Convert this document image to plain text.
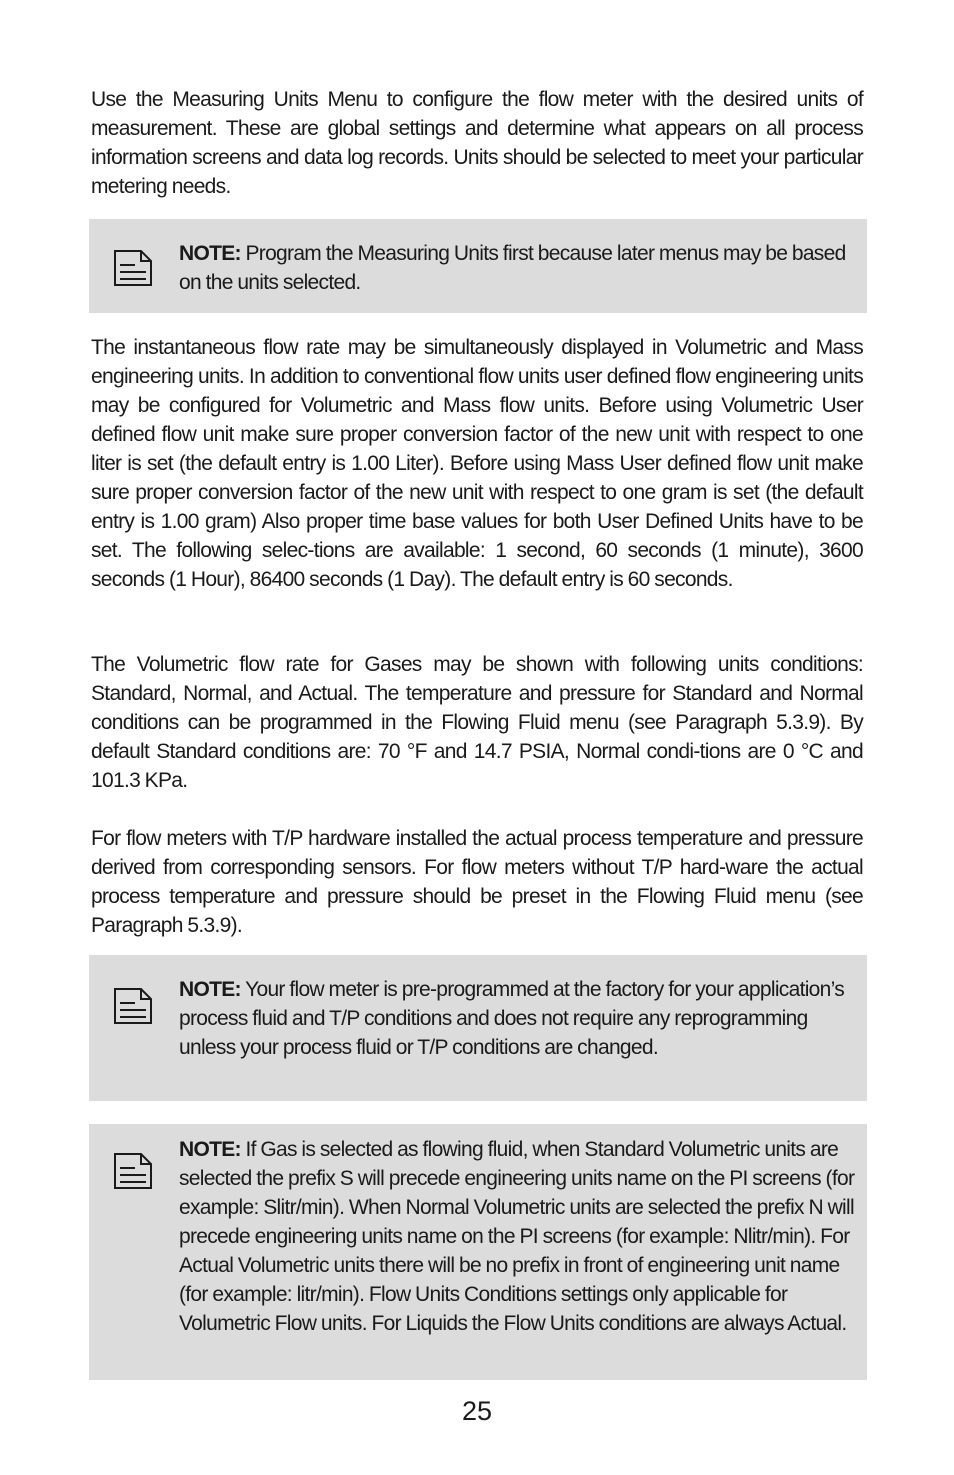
Use the Measuring Units Menu to configure the flow meter with the desired units of measurement. These are global settings and determine what appears on all process information screens and data log records. Units should be selected to meet your particular metering needs.

NOTE: Program the Measuring Units first because later menus may be based on the units selected.

The instantaneous flow rate may be simultaneously displayed in Volumetric and Mass engineering units. In addition to conventional flow units user defined flow engineering units may be configured for Volumetric and Mass flow units. Before using Volumetric User defined flow unit make sure proper conversion factor of the new unit with respect to one liter is set (the default entry is 1.00 Liter). Before using Mass User defined flow unit make sure proper conversion factor of the new unit with respect to one gram is set (the default entry is 1.00 gram) Also proper time base values for both User Defined Units have to be set. The following selec-tions are available: 1 second, 60 seconds (1 minute), 3600 seconds (1 Hour), 86400 seconds (1 Day). The default entry is 60 seconds.

The Volumetric flow rate for Gases may be shown with following units conditions: Standard, Normal, and Actual. The temperature and pressure for Standard and Normal conditions can be programmed in the Flowing Fluid menu (see Paragraph 5.3.9). By default Standard conditions are: 70 °F and 14.7 PSIA, Normal condi-tions are 0 °C and 101.3 KPa.

For flow meters with T/P hardware installed the actual process temperature and pressure derived from corresponding sensors. For flow meters without T/P hard-ware the actual process temperature and pressure should be preset in the Flowing Fluid menu (see Paragraph 5.3.9).

NOTE: Your flow meter is pre-programmed at the factory for your application’s process fluid and T/P conditions and does not require any reprogramming unless your process fluid or T/P conditions are changed.

NOTE: If Gas is selected as flowing fluid, when Standard Volumetric units are selected the prefix S will precede engineering units name on the PI screens (for example: Slitr/min). When Normal Volumetric units are selected the prefix N will precede engineering units name on the PI screens (for example: Nlitr/min). For Actual Volumetric units there will be no prefix in front of engineering unit name (for example: litr/min). Flow Units Conditions settings only applicable for Volumetric Flow units. For Liquids the Flow Units conditions are always Actual.

25
